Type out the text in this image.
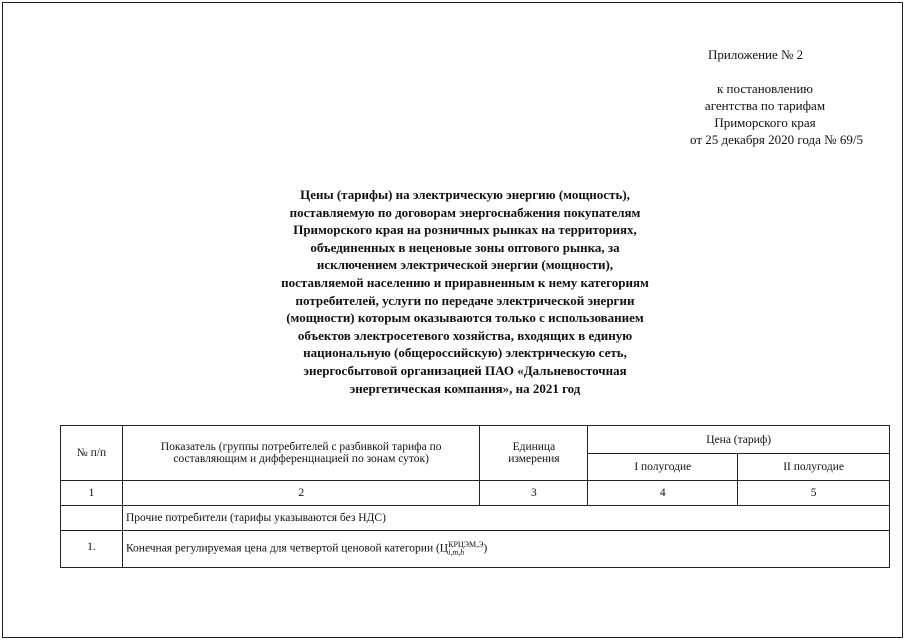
Приложение № 2
к постановлению
агентства по тарифам
Приморского края
от 25 декабря 2020 года № 69/5
Цены (тарифы) на электрическую энергию (мощность),
поставляемую по договорам энергоснабжения покупателям
Приморского края на розничных рынках на территориях,
объединенных в неценовые зоны оптового рынка, за
исключением электрической энергии (мощности),
поставляемой населению и приравненным к нему категориям
потребителей, услуги по передаче электрической энергии
(мощности) которым оказываются только с использованием
объектов электросетевого хозяйства, входящих в единую
национальную (общероссийскую) электрическую сеть,
энергосбытовой организацией ПАО «Дальневосточная
энергетическая компания», на 2021 год
№ п/п	Показатель (группы потребителей с разбивкой тарифа по составляющим и дифференциацией по зонам суток)	Единица измерения	Цена (тариф)	
			I полугодие	II полугодие
1	2	3	4	5
	Прочие потребители (тарифы указываются без НДС)			
1.	Конечная регулируемая цена для четвертой ценовой категории (Ц КРЦЭМ,Э
i,m,h )			
